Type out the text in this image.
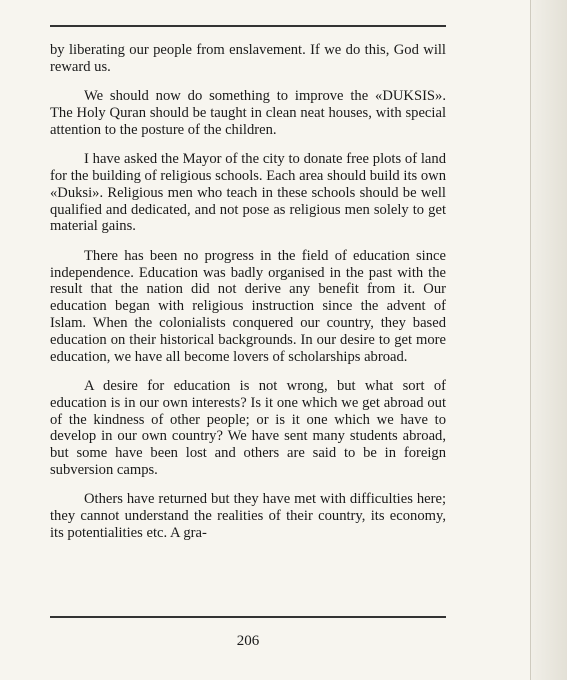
by liberating our people from enslavement. If we do this, God will reward us.

We should now do something to improve the «DUKSIS». The Holy Quran should be taught in clean neat houses, with special attention to the posture of the children.

I have asked the Mayor of the city to donate free plots of land for the building of religious schools. Each area should build its own «Duksi». Religious men who teach in these schools should be well qualified and dedicated, and not pose as religious men solely to get material gains.

There has been no progress in the field of education since independence. Education was badly organised in the past with the result that the nation did not derive any benefit from it. Our education began with religious instruction since the advent of Islam. When the colonialists conquered our country, they based education on their historical backgrounds. In our desire to get more education, we have all become lovers of scholarships abroad.

A desire for education is not wrong, but what sort of education is in our own interests? Is it one which we get abroad out of the kindness of other people; or is it one which we have to develop in our own country? We have sent many students abroad, but some have been lost and others are said to be in foreign subversion camps.

Others have returned but they have met with difficulties here; they cannot understand the realities of their country, its economy, its potentialities etc. A gra-

206
